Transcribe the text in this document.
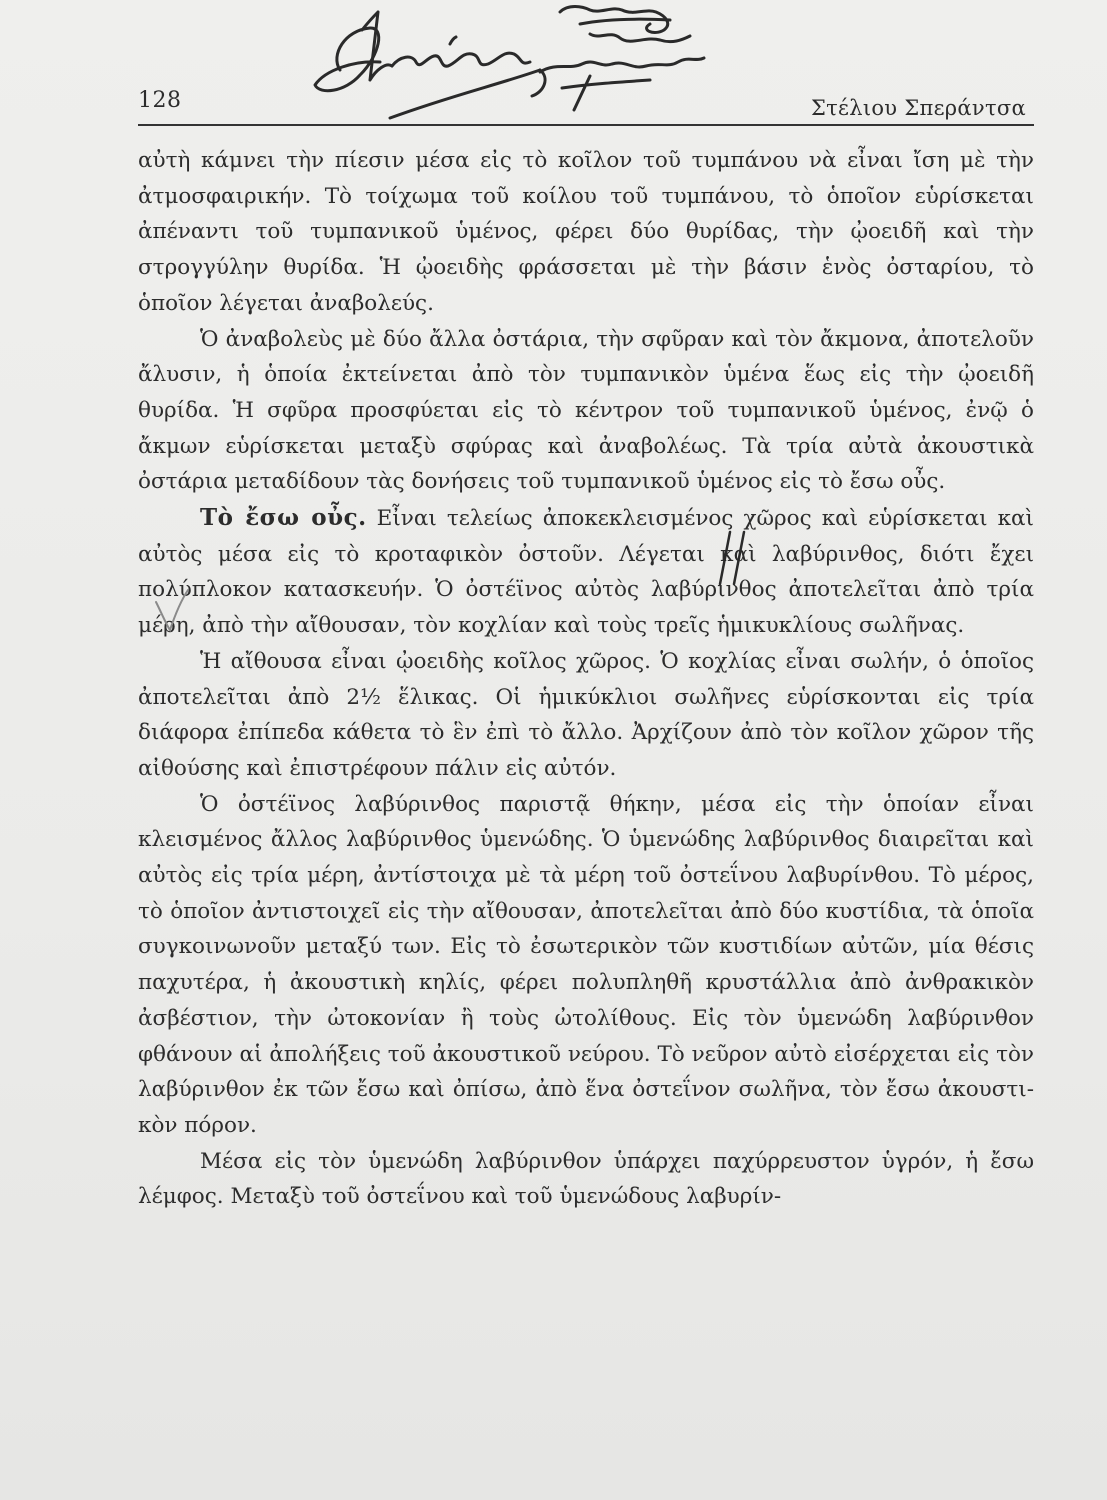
128	Στέλιου Σπεράντσα

αὐτὴ κάμνει τὴν πίεσιν μέσα εἰς τὸ κοῖλον τοῦ τυμπάνου νὰ εἶναι ἴση μὲ τὴν ἀτμοσφαιρικήν. Τὸ τοίχωμα τοῦ κοίλου τοῦ τυμπάνου, τὸ ὁποῖον εὑρίσκεται ἀπέναντι τοῦ τυμπανικοῦ ὑμένος, φέρει δύο θυρίδας, τὴν ᾠοειδῆ καὶ τὴν στρογγύλην θυρίδα. Ἡ ᾠοειδὴς φράσσεται μὲ τὴν βάσιν ἑνὸς ὀσταρίου, τὸ ὁποῖον λέγεται ἀναβολεύς.

Ὁ ἀναβολεὺς μὲ δύο ἄλλα ὀστάρια, τὴν σφῦραν καὶ τὸν ἄκμονα, ἀποτελοῦν ἄλυσιν, ἡ ὁποία ἐκτείνεται ἀπὸ τὸν τυμπανικὸν ὑμένα ἕως εἰς τὴν ᾠοειδῆ θυρίδα. Ἡ σφῦρα προσφύεται εἰς τὸ κέντρον τοῦ τυμπανικοῦ ὑμένος, ἐνῷ ὁ ἄκμων εὑρίσκεται μεταξὺ σφύρας καὶ ἀναβολέως. Τὰ τρία αὐτὰ ἀκουστικὰ ὀστάρια μεταδίδουν τὰς δονήσεις τοῦ τυμπανικοῦ ὑμένος εἰς τὸ ἔσω οὖς.

Τὸ ἔσω οὖς. Εἶναι τελείως ἀποκεκλεισμένος χῶρος καὶ εὑρίσκεται καὶ αὐτὸς μέσα εἰς τὸ κροταφικὸν ὀστοῦν. Λέγεται καὶ λαβύρινθος, διότι ἔχει πολύπλοκον κατασκευήν. Ὁ ὀστέϊνος αὐτὸς λαβύρινθος ἀποτελεῖται ἀπὸ τρία μέρη, ἀπὸ τὴν αἴθουσαν, τὸν κοχλίαν καὶ τοὺς τρεῖς ἡμικυκλίους σωλῆνας.

Ἡ αἴθουσα εἶναι ᾠοειδὴς κοῖλος χῶρος. Ὁ κοχλίας εἶναι σωλήν, ὁ ὁποῖος ἀποτελεῖται ἀπὸ 2½ ἕλικας. Οἱ ἡμικύκλιοι σωλῆνες εὑρίσκονται εἰς τρία διάφορα ἐπίπεδα κάθετα τὸ ἓν ἐπὶ τὸ ἄλλο. Ἀρχίζουν ἀπὸ τὸν κοῖλον χῶρον τῆς αἰθούσης καὶ ἐπιστρέφουν πάλιν εἰς αὐτόν.

Ὁ ὀστέϊνος λαβύρινθος παριστᾷ θήκην, μέσα εἰς τὴν ὁποίαν εἶναι κλεισμένος ἄλλος λαβύρινθος ὑμενώδης. Ὁ ὑμενώδης λαβύρινθος διαιρεῖται καὶ αὐτὸς εἰς τρία μέρη, ἀντίστοιχα μὲ τὰ μέρη τοῦ ὀστεΐνου λαβυρίνθου. Τὸ μέρος, τὸ ὁποῖον ἀντιστοιχεῖ εἰς τὴν αἴθουσαν, ἀποτελεῖται ἀπὸ δύο κυστίδια, τὰ ὁποῖα συγκοινωνοῦν μεταξύ των. Εἰς τὸ ἐσωτερικὸν τῶν κυστιδίων αὐτῶν, μία θέσις παχυτέρα, ἡ ἀκουστικὴ κηλίς, φέρει πολυπληθῆ κρυστάλλια ἀπὸ ἀνθρακικὸν ἀσβέστιον, τὴν ὠτοκονίαν ἢ τοὺς ὠτολίθους. Εἰς τὸν ὑμενώδη λαβύρινθον φθάνουν αἱ ἀπολήξεις τοῦ ἀκουστικοῦ νεύρου. Τὸ νεῦρον αὐτὸ εἰσέρχεται εἰς τὸν λαβύρινθον ἐκ τῶν ἔσω καὶ ὀπίσω, ἀπὸ ἕνα ὀστεΐνον σωλῆνα, τὸν ἔσω ἀκουστικὸν πόρον.

Μέσα εἰς τὸν ὑμενώδη λαβύρινθον ὑπάρχει παχύρρευστον ὑγρόν, ἡ ἔσω λέμφος. Μεταξὺ τοῦ ὀστεΐνου καὶ τοῦ ὑμενώδους λαβυρίν-
